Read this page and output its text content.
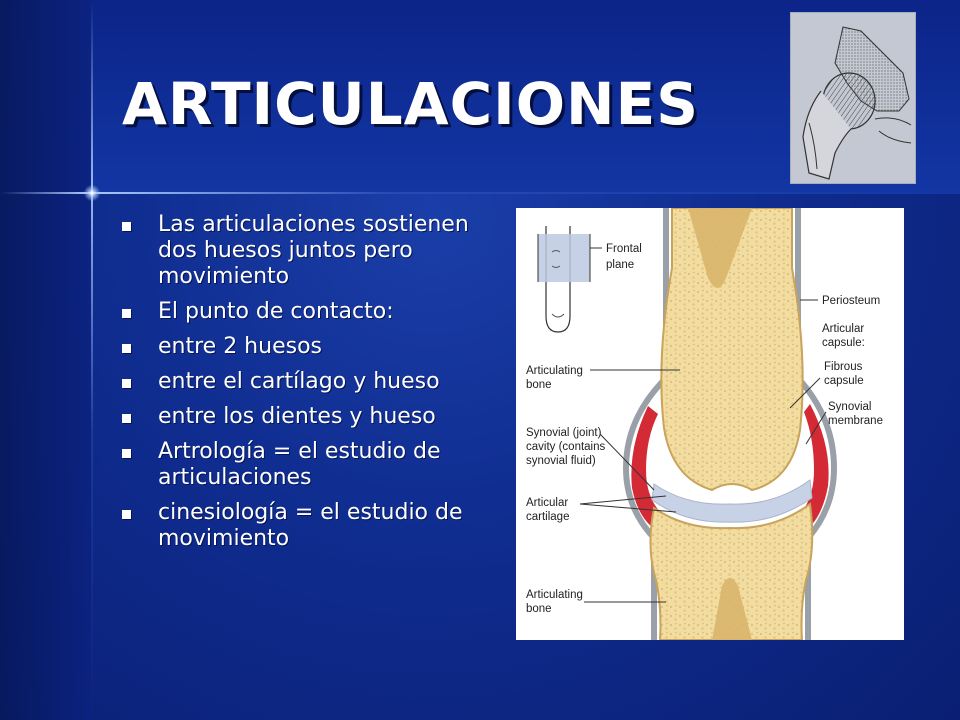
ARTICULACIONES
Las articulaciones sostienen dos huesos juntos pero movimiento
El punto de contacto:
entre 2 huesos
entre el cartílago y hueso
entre los dientes y hueso
Artrología = el estudio de articulaciones
cinesiología = el estudio de movimiento
Frontal
plane
Periosteum
Articular
capsule:
Fibrous
capsule
Synovial
membrane
Articulating
bone
Synovial (joint)
cavity (contains
synovial fluid)
Articular
cartilage
Articulating
bone
